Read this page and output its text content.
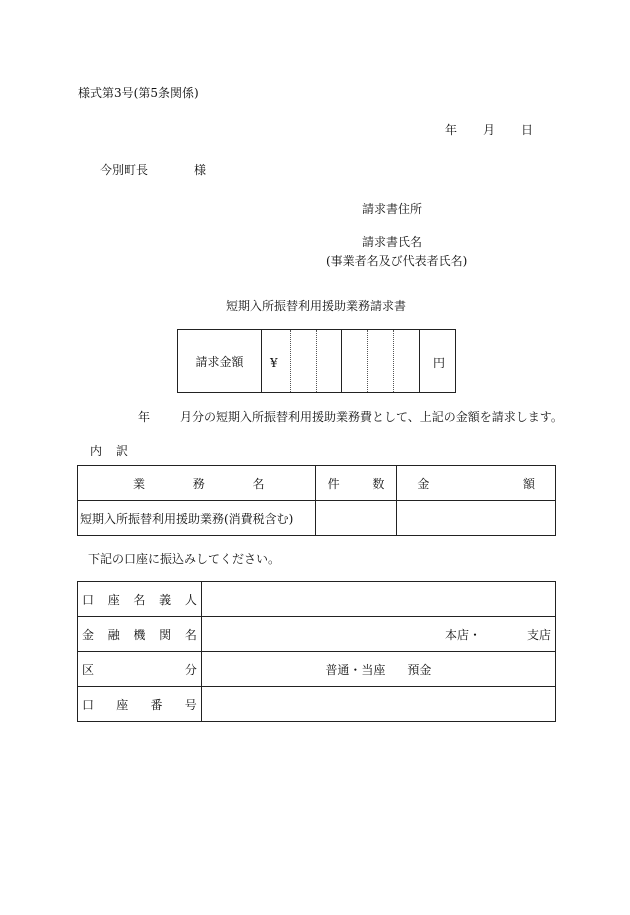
様式第3号(第5条関係)
年 月 日
今別町長	様
請求書住所
請求書氏名
(事業者名及び代表者氏名)
短期入所振替利用援助業務請求書
請求金額	¥	円
年	月分の短期入所振替利用援助業務費として、上記の金額を請求します。
内 訳
業 務 名	件 数	金 額

短期入所振替利用援助業務(消費税含む)		
下記の口座に振込みしてください。
口 座 名 義 人	

金 融 機 関 名	本店・ 支店

区 分	普通・当座 預金

口 座 番 号	
